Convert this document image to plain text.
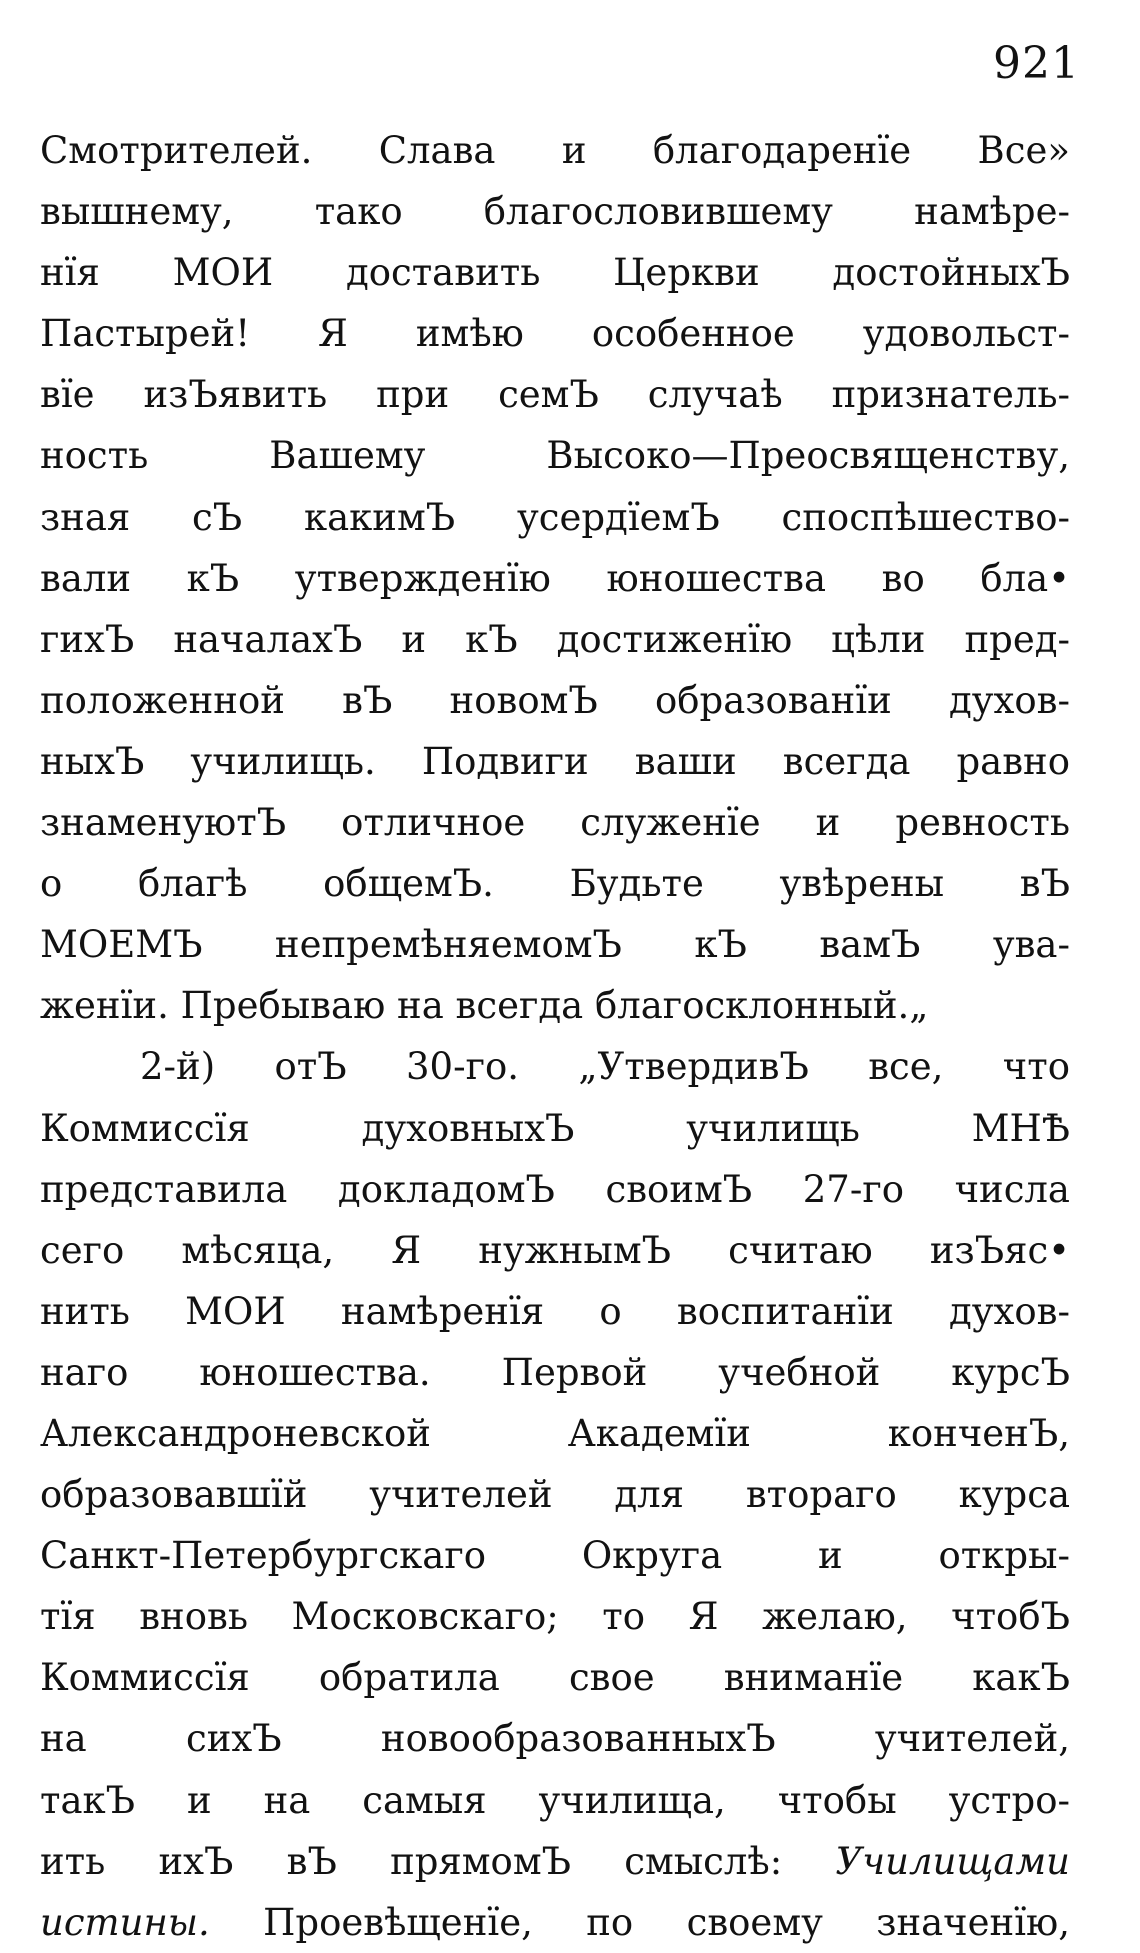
921
Смотрителей. Слава и благодаренїе Все»
вышнему, тако благословившему намѣре-
нїя МОИ доставить Церкви достойныхЪ
Пастырей! Я имѣю особенное удовольст-
вїе изЪявить при семЪ случаѣ признатель-
ность Вашему Высоко—Преосвященству,
зная сЪ какимЪ усердїемЪ споспѣшество-
вали кЪ утвержденїю юношества во бла•
гихЪ началахЪ и кЪ достиженїю цѣли пред-
положенной вЪ новомЪ образованїи духов-
ныхЪ училищь. Подвиги ваши всегда равно
знаменуютЪ отличное служенїе и ревность
о благѣ общемЪ. Будьте увѣрены вЪ
МОЕМЪ непремѣняемомЪ кЪ вамЪ ува-
женїи. Пребываю на всегда благосклонный.„
2-й) отЪ 30-го. „УтвердивЪ все, что
Коммиссїя духовныхЪ училищь МНѢ
представила докладомЪ своимЪ 27-го числа
сего мѣсяца, Я нужнымЪ считаю изЪяс•
нить МОИ намѣренїя о воспитанїи духов-
наго юношества. Первой учебной курсЪ
Александроневской Академїи конченЪ,
образовавшїй учителей для втораго курса
Санкт-Петербургскаго Округа и откры-
тїя вновь Московскаго; то Я желаю, чтобЪ
Коммиссїя обратила свое вниманїе какЪ
на сихЪ новообразованныхЪ учителей,
такЪ и на самыя училища, чтобы устро-
ить ихЪ вЪ прямомЪ смыслѣ: Училищами
истины. Проевѣщенїе, по своему значенїю,
